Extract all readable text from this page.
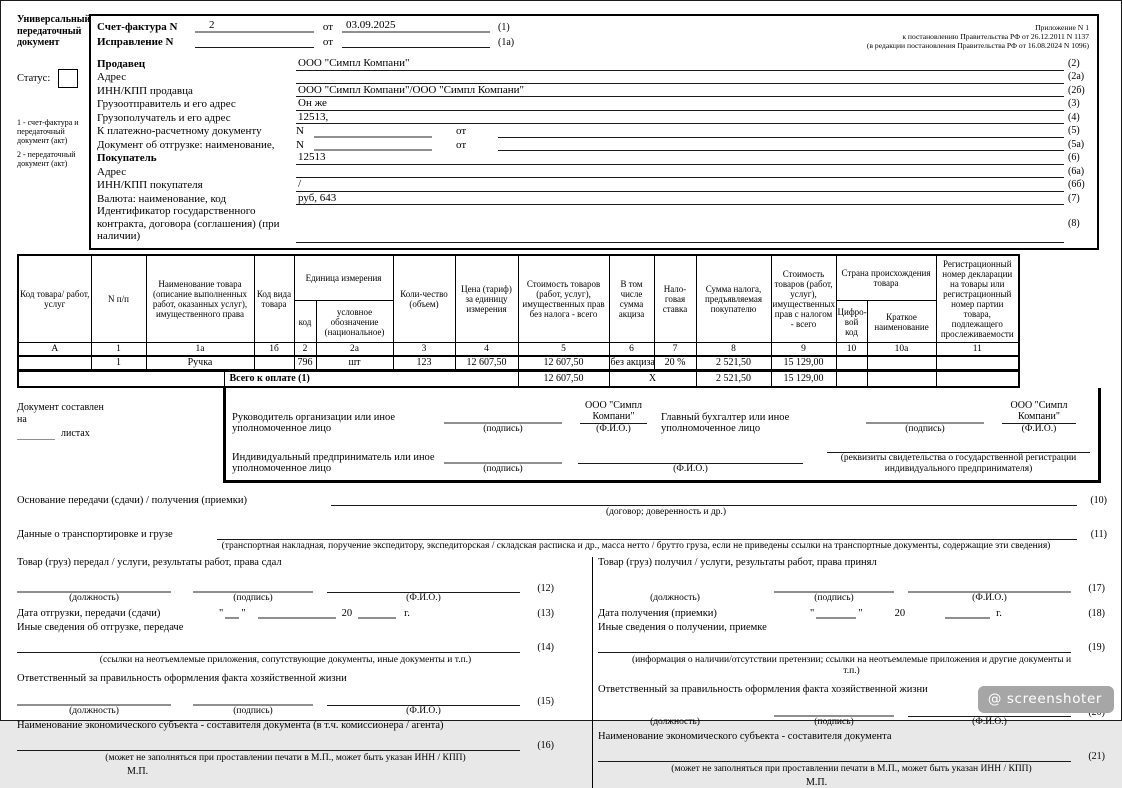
Универсальный передаточный документ
Статус:
1 - счет-фактура и передаточный документ (акт)
2 - передаточный документ (акт)
Приложение N 1
к постановлению Правительства РФ от 26.12.2011 N 1137
(в редакции постановления Правительства РФ от 16.08.2024 N 1096)
Счет-фактура N	2	от	03.09.2025	(1)
Исправление N	от	(1а)
Продавец	ООО "Симпл Компани"	(2)
Адрес	(2а)
ИНН/КПП продавца	ООО "Симпл Компани"/ООО "Симпл Компани"	(2б)
Грузоотправитель и его адрес	Он же	(3)
Грузополучатель и его адрес	12513,	(4)
К платежно-расчетному документу	N	от	(5)
Документ об отгрузке: наименование,	N	от	(5а)
Покупатель	12513	(6)
Адрес	(6а)
ИНН/КПП покупателя	/	(6б)
Валюта: наименование, код	руб, 643	(7)
Идентификатор государственного контракта, договора (соглашения) (при наличии)
(8)
Код товара/ работ, услуг	N п/п	Наименование товара (описание выполненных работ, оказанных услуг), имущественного права	Код вида товара	Единица измерения		Коли-чество (объем)	Цена (тариф) за единицу измерения	Стоимость товаров (работ, услуг), имущественных прав без налога - всего	В том числе сумма акциза	Нало-говая ставка	Сумма налога, предъявляемая покупателю	Стоимость товаров (работ, услуг), имущественных прав с налогом - всего	Страна происхождения товара		Регистрационный номер декларации на товары или регистрационный номер партии товара, подлежащего прослеживаемости
				код	условное обозначение (национальное)								Цифро-вой код	Краткое наименование	
А	1	1а	1б	2	2а	3	4	5	6	7	8	9	10	10а	11
	1	Ручка		796	шт	123	12 607,50	12 607,50	без акциза	20 %	2 521,50	15 129,00			
	Всего к оплате (1)	12 607,50	Х	2 521,50	15 129,00			
Документ составлен на
листах
Руководитель организации или иное уполномоченное лицо	(подпись)
ООО "Симпл Компани"
(Ф.И.О.)
Главный бухгалтер или иное уполномоченное лицо	(подпись)
ООО "Симпл Компани"
(Ф.И.О.)
Индивидуальный предприниматель или иное уполномоченное лицо	(подпись)	(Ф.И.О.)
(реквизиты свидетельства о государственной регистрации индивидуального предпринимателя)
Основание передачи (сдачи) / получения (приемки)	(10)
(договор; доверенность и др.)
Данные о транспортировке и грузе	(11)
(транспортная накладная, поручение экспедитору, экспедиторская / складская расписка и др., масса нетто / брутто груза, если не приведены ссылки на транспортные документы, содержащие эти сведения)
Товар (груз) передал / услуги, результаты работ, права сдал
(должность)	(подпись)	(Ф.И.О.)
(12)
Дата отгрузки, передачи (сдачи)	" "	20	г.	(13)
Иные сведения об отгрузке, передаче
(14)
(ссылки на неотъемлемые приложения, сопутствующие документы, иные документы и т.п.)
Ответственный за правильность оформления факта хозяйственной жизни
(должность)	(подпись)	(Ф.И.О.)
(15)
Наименование экономического субъекта - составителя документа (в т.ч. комиссионера / агента)
(16)
(может не заполняться при проставлении печати в М.П., может быть указан ИНН / КПП)
М.П.
Товар (груз) получил / услуги, результаты работ, права принял
(должность)	(подпись)	(Ф.И.О.)
(17)
Дата получения (приемки)	"	"	20	г.	(18)
Иные сведения о получении, приемке
(19)
(информация о наличии/отсутствии претензии; ссылки на неотъемлемые приложения и другие документы и т.п.)
Ответственный за правильность оформления факта хозяйственной жизни
(должность)	(подпись)	(Ф.И.О.)
Наименование экономического субъекта - составителя документа
(21)
(может не заполняться при проставлении печати в М.П., может быть указан ИНН / КПП)
М.П.
@ screenshoter
